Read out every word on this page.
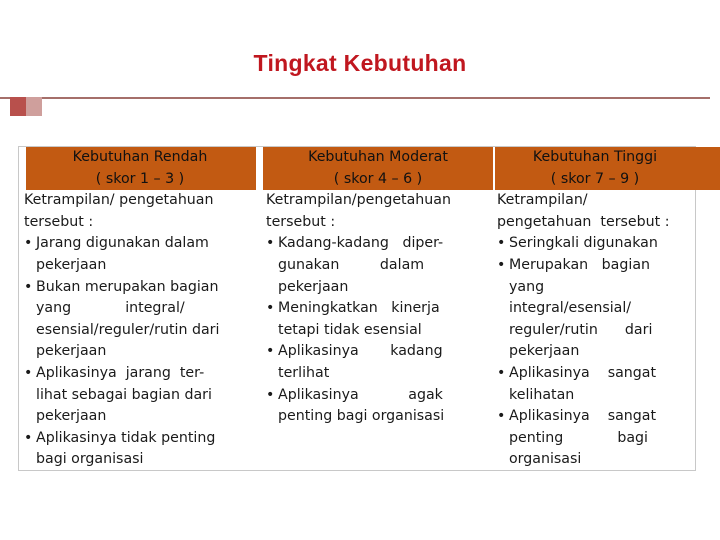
Tingkat Kebutuhan
Kebutuhan Rendah
( skor 1 – 3 )
Ketrampilan/ pengetahuan
tersebut :
• Jarang digunakan dalam
pekerjaan
• Bukan merupakan bagian
yang            integral/
esensial/reguler/rutin dari
pekerjaan
• Aplikasinya  jarang  ter-
lihat sebagai bagian dari
pekerjaan
• Aplikasinya tidak penting
bagi organisasi
Kebutuhan Moderat
( skor 4 – 6 )
Ketrampilan/pengetahuan
tersebut :
• Kadang-kadang   diper-
gunakan         dalam
pekerjaan
• Meningkatkan   kinerja
tetapi tidak esensial
• Aplikasinya       kadang
terlihat
• Aplikasinya           agak
penting bagi organisasi
Kebutuhan Tinggi
( skor 7 – 9 )
Ketrampilan/
pengetahuan  tersebut :
• Seringkali digunakan
• Merupakan   bagian
yang
integral/esensial/
reguler/rutin      dari
pekerjaan
• Aplikasinya    sangat
kelihatan
• Aplikasinya    sangat
penting            bagi
organisasi
